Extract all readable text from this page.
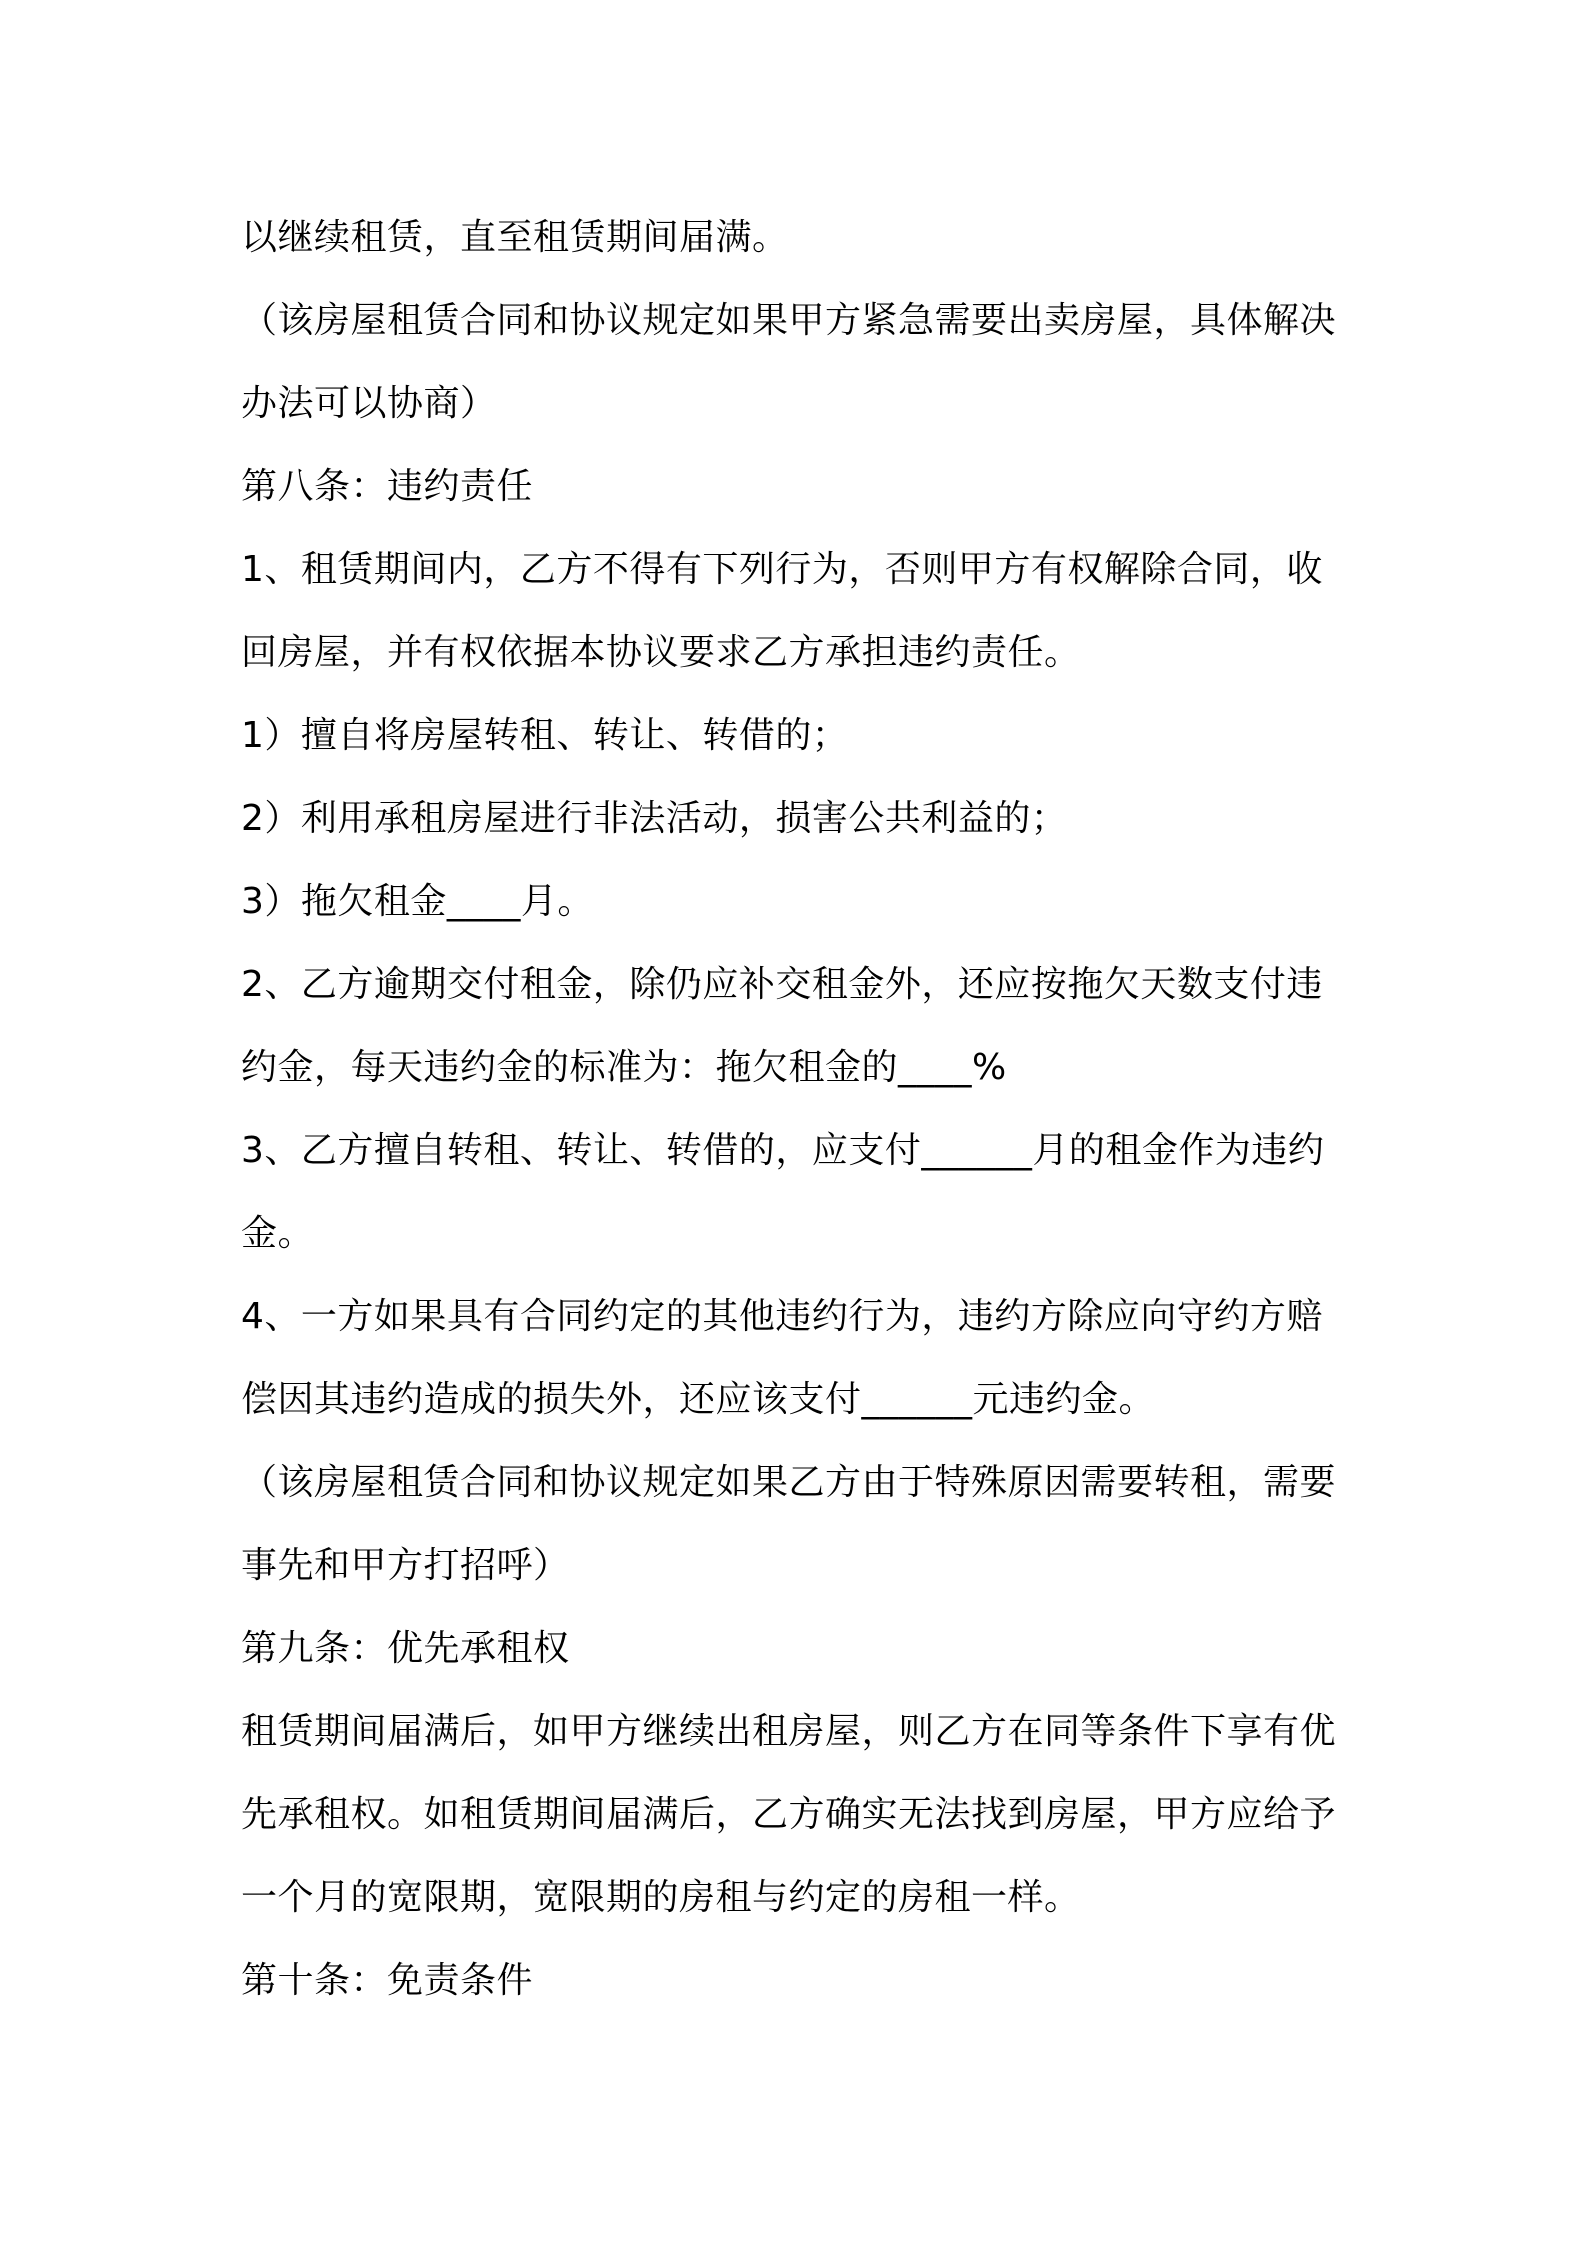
以继续租赁，直至租赁期间届满。
（该房屋租赁合同和协议规定如果甲方紧急需要出卖房屋，具体解决
办法可以协商）
第八条：违约责任
1、租赁期间内，乙方不得有下列行为，否则甲方有权解除合同，收
回房屋，并有权依据本协议要求乙方承担违约责任。
1）擅自将房屋转租、转让、转借的；
2）利用承租房屋进行非法活动，损害公共利益的；
3）拖欠租金____月。
2、乙方逾期交付租金，除仍应补交租金外，还应按拖欠天数支付违
约金，每天违约金的标准为：拖欠租金的____%
3、乙方擅自转租、转让、转借的，应支付______月的租金作为违约
金。
4、一方如果具有合同约定的其他违约行为，违约方除应向守约方赔
偿因其违约造成的损失外，还应该支付______元违约金。
（该房屋租赁合同和协议规定如果乙方由于特殊原因需要转租，需要
事先和甲方打招呼）
第九条：优先承租权
租赁期间届满后，如甲方继续出租房屋，则乙方在同等条件下享有优
先承租权。如租赁期间届满后，乙方确实无法找到房屋，甲方应给予
一个月的宽限期，宽限期的房租与约定的房租一样。
第十条：免责条件
